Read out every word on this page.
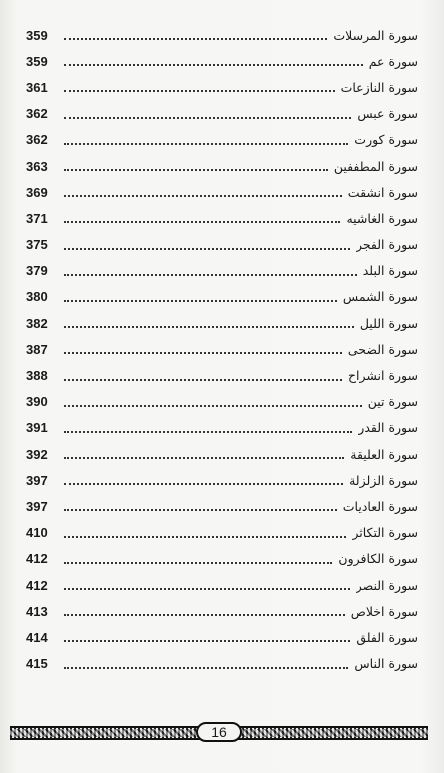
359	سورة المرسلات
359	سورة عم
361	سورة النازعات
362	سورة عبس
362	سورة كورت
363	سورة المطففين
369	سورة انشقت
371	سورة الغاشيه
375	سورة الفجر
379	سورة البلد
380	سورة الشمس
382	سورة الليل
387	سورة الضحى
388	سورة انشراح
390	سورة تين
391	سورة القدر
392	سورة العلیقة
397	سورة الزلزلة
397	سورة العادیات
410	سورة التكاثر
412	سورة الكافرون
412	سورة النصر
413	سورة اخلاص
414	سورة الفلق
415	سورة الناس
16
